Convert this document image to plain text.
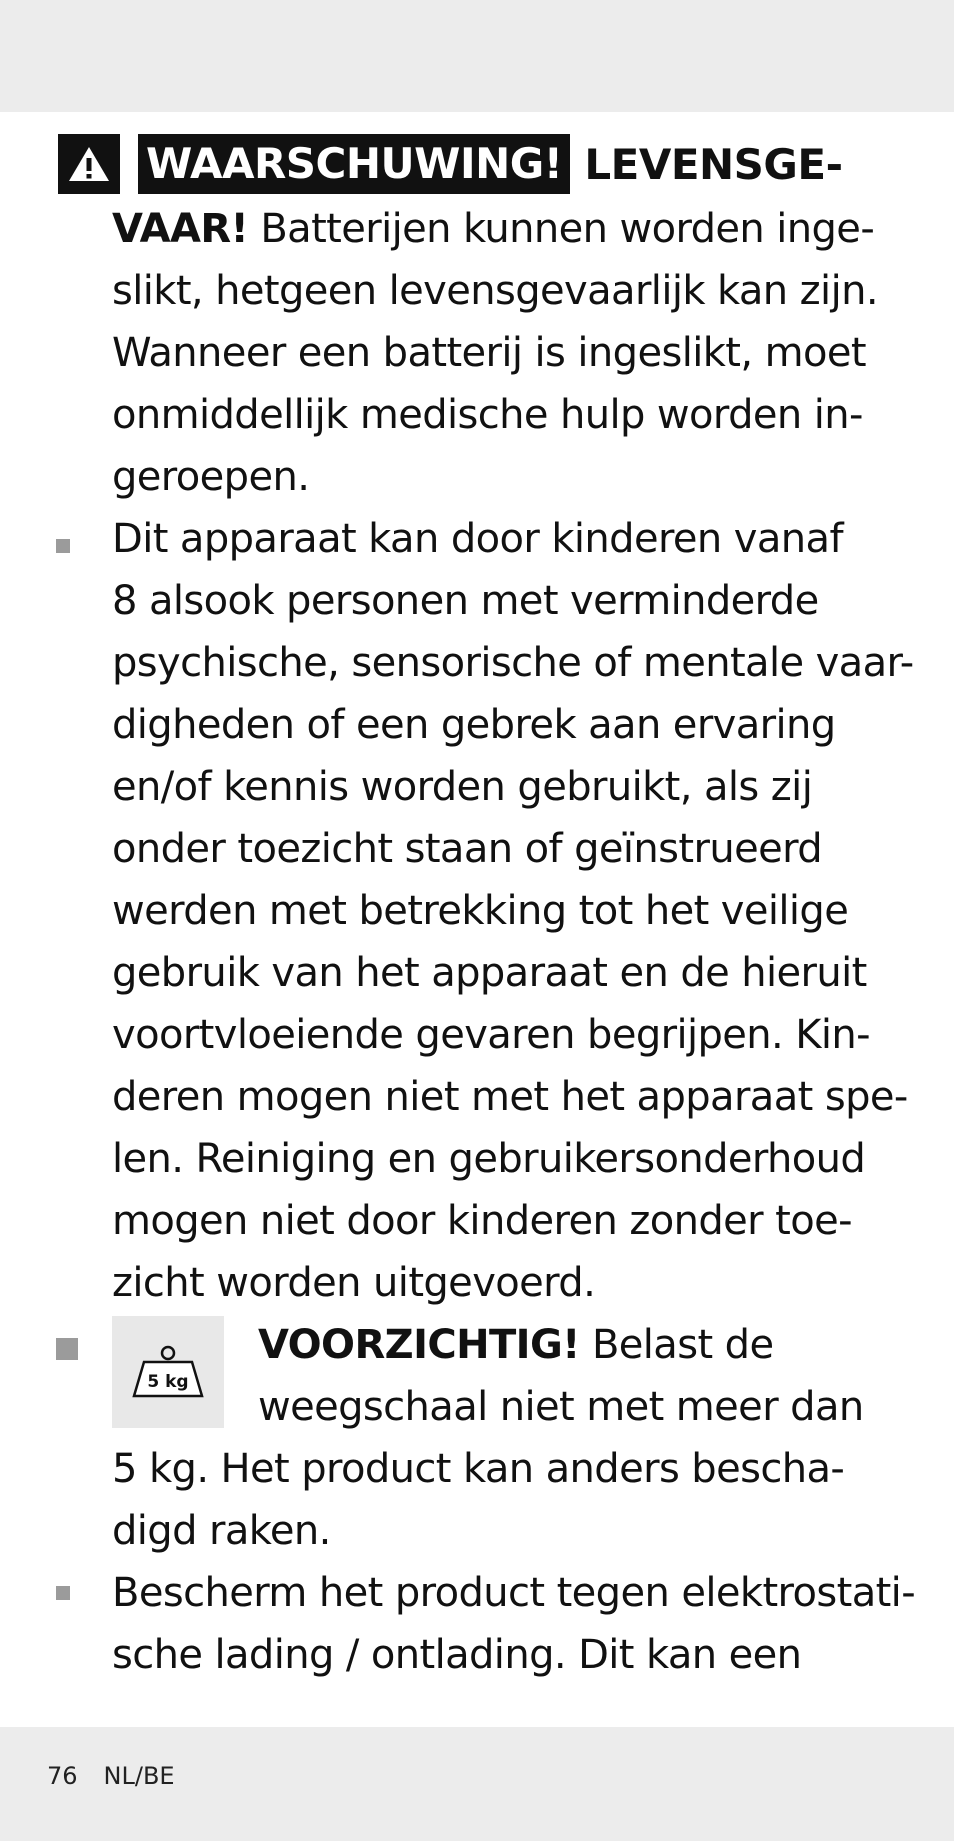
WAARSCHUWING! LEVENSGE-
VAAR! Batterijen kunnen worden inge-
slikt, hetgeen levensgevaarlijk kan zijn.
Wanneer een batterij is ingeslikt, moet
onmiddellijk medische hulp worden in-
geroepen.
Dit apparaat kan door kinderen vanaf
8 alsook personen met verminderde
psychische, sensorische of mentale vaar-
digheden of een gebrek aan ervaring
en/of kennis worden gebruikt, als zij
onder toezicht staan of geïnstrueerd
werden met betrekking tot het veilige
gebruik van het apparaat en de hieruit
voortvloeiende gevaren begrijpen. Kin-
deren mogen niet met het apparaat spe-
len. Reiniging en gebruikersonderhoud
mogen niet door kinderen zonder toe-
zicht worden uitgevoerd.
5 kg
VOORZICHTIG! Belast de
weegschaal niet met meer dan
5 kg. Het product kan anders bescha-
digd raken.
Bescherm het product tegen elektrostati-
sche lading / ontlading. Dit kan een
76 NL/BE
